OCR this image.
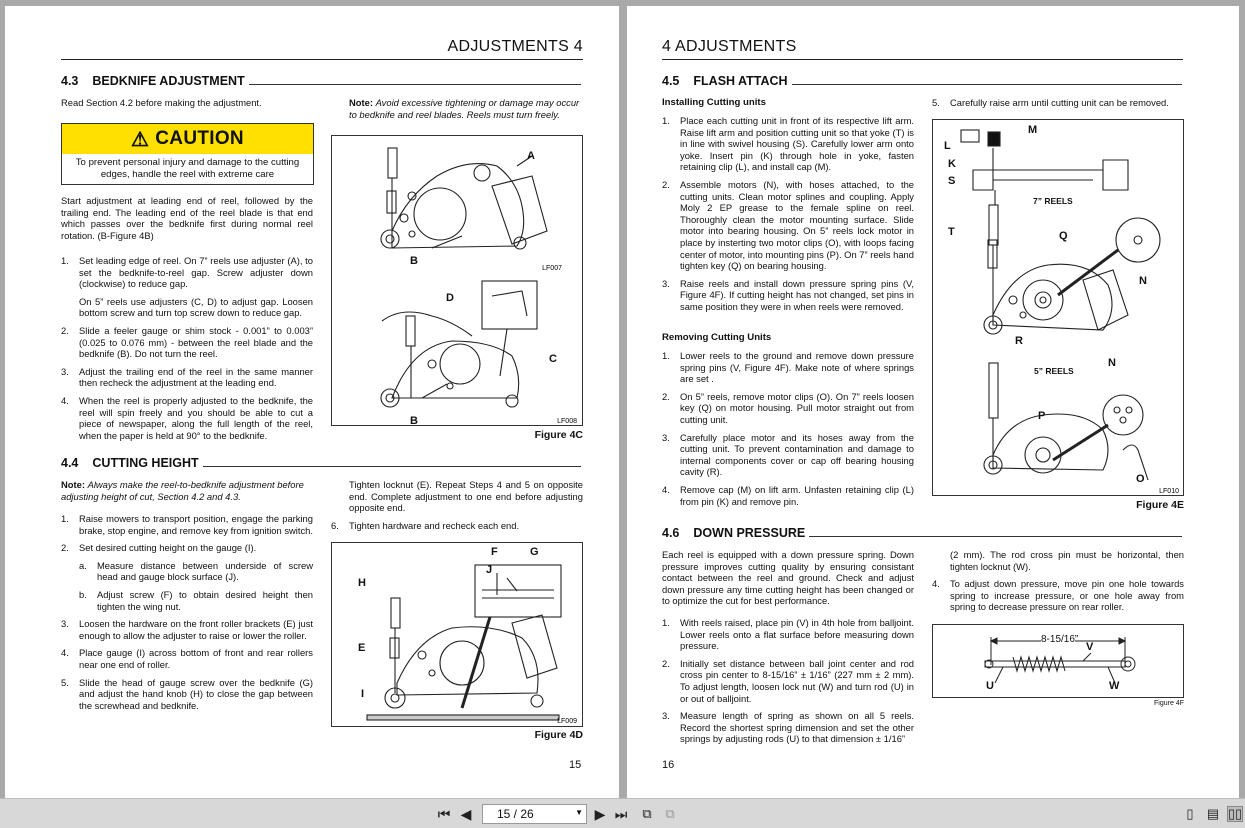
ADJUSTMENTS 4
4.3 BEDKNIFE ADJUSTMENT
Read Section 4.2 before making the adjustment.
⚠ CAUTION
To prevent personal injury and damage to the cutting edges, handle the reel with extreme care
Start adjustment at leading end of reel, followed by the trailing end. The leading end of the reel blade is that end which passes over the bedknife first during normal reel rotation. (B-Figure 4B)
1.	Set leading edge of reel. On 7” reels use adjuster (A), to set the bedknife-to-reel gap. Screw adjuster down (clockwise) to reduce gap.
On 5” reels use adjusters (C, D) to adjust gap. Loosen bottom screw and turn top screw down to reduce gap.
2.	Slide a feeler gauge or shim stock - 0.001” to 0.003” (0.025 to 0.076 mm) - between the reel blade and the bedknife (B). Do not turn the reel.
3.	Adjust the trailing end of the reel in the same manner then recheck the adjustment at the leading end.
4.	When the reel is properly adjusted to the bedknife, the reel will spin freely and you should be able to cut a piece of newspaper, along the full length of the reel, when the paper is held at 90° to the bedknife.
Note: Avoid excessive tightening or damage may occur to bedknife and reel blades. Reels must turn freely.
LF007
LF008
A
B
D
C
B
Figure 4C
4.4 CUTTING HEIGHT
Note: Always make the reel-to-bedknife adjustment before adjusting height of cut, Section 4.2 and 4.3.
1.	Raise mowers to transport position, engage the parking brake, stop engine, and remove key from ignition switch.
2.	Set desired cutting height on the gauge (I).
a.	Measure distance between underside of screw head and gauge block surface (J).
b.	Adjust screw (F) to obtain desired height then tighten the wing nut.
3.	Loosen the hardware on the front roller brackets (E) just enough to allow the adjuster to raise or lower the roller.
4.	Place gauge (I) across bottom of front and rear rollers near one end of roller.
5.	Slide the head of gauge screw over the bedknife (G) and adjust the hand knob (H) to close the gap between the screwhead and bedknife.
Tighten locknut (E). Repeat Steps 4 and 5 on opposite end. Complete adjustment to one end before adjusting opposite end.
6.	Tighten hardware and recheck each end.
LF009
F	G
J
H
E
I
Figure 4D
15
4 ADJUSTMENTS
4.5 FLASH ATTACH
Installing Cutting units
1.	Place each cutting unit in front of its respective lift arm. Raise lift arm and position cutting unit so that yoke (T) is in line with swivel housing (S). Carefully lower arm onto yoke. Insert pin (K) through hole in yoke, fasten retaining clip (L), and install cap (M).
2.	Assemble motors (N), with hoses attached, to the cutting units. Clean motor splines and coupling. Apply Moly 2 EP grease to the female spline on reel. Thoroughly clean the motor mounting surface. Slide motor into bearing housing. On 5” reels lock motor in place by insterting two motor clips (O), with loops facing center of motor, into mounting pins (P). On 7” reels hand tighten key (Q) on bearing housing.
3.	Raise reels and install down pressure spring pins (V, Figure 4F). If cutting height has not changed, set pins in same position they were in when reels were removed.
Removing Cutting Units
1.	Lower reels to the ground and remove down pressure spring pins (V, Figure 4F). Make note of where springs are set .
2.	On 5” reels, remove motor clips (O). On 7” reels loosen key (Q) on motor housing. Pull motor straight out from cutting unit.
3.	Carefully place motor and its hoses away from the cutting unit. To prevent contamination and damage to internal components cover or cap off bearing housing cavity (R).
4.	Remove cap (M) on lift arm. Unfasten retaining clip (L) from pin (K) and remove pin.
5.	Carefully raise arm until cutting unit can be removed.
LF010
7” REELS
5” REELS
M
L
K
S
T	Q
N
R
N
P
O
Figure 4E
4.6 DOWN PRESSURE
Each reel is equipped with a down pressure spring. Down pressure improves cutting quality by ensuring consistant contact between the reel and ground. Check and adjust down pressure any time cutting height has been changed or to optimize the cut for best performance.
1.	With reels raised, place pin (V) in 4th hole from balljoint. Lower reels onto a flat surface before measuring down pressure.
2.	Initially set distance between ball joint center and rod cross pin center to 8-15/16” ± 1/16” (227 mm ± 2 mm). To adjust length, loosen lock nut (W) and turn rod (U) in or out of balljoint.
3.	Measure length of spring as shown on all 5 reels. Record the shortest spring dimension and set the other springs by adjusting rods (U) to that dimension ± 1/16”
(2 mm). The rod cross pin must be horizontal, then tighten locknut (W).
4.	To adjust down pressure, move pin one hole towards spring to increase pressure, or one hole away from spring to decrease pressure on rear roller.
8-15/16”
V
U	W
Figure 4F
16
⏮ ◀ 15 / 26	▼ ▶ ⏭ ⧉ ⧉	▯ ▤ ▯▯
